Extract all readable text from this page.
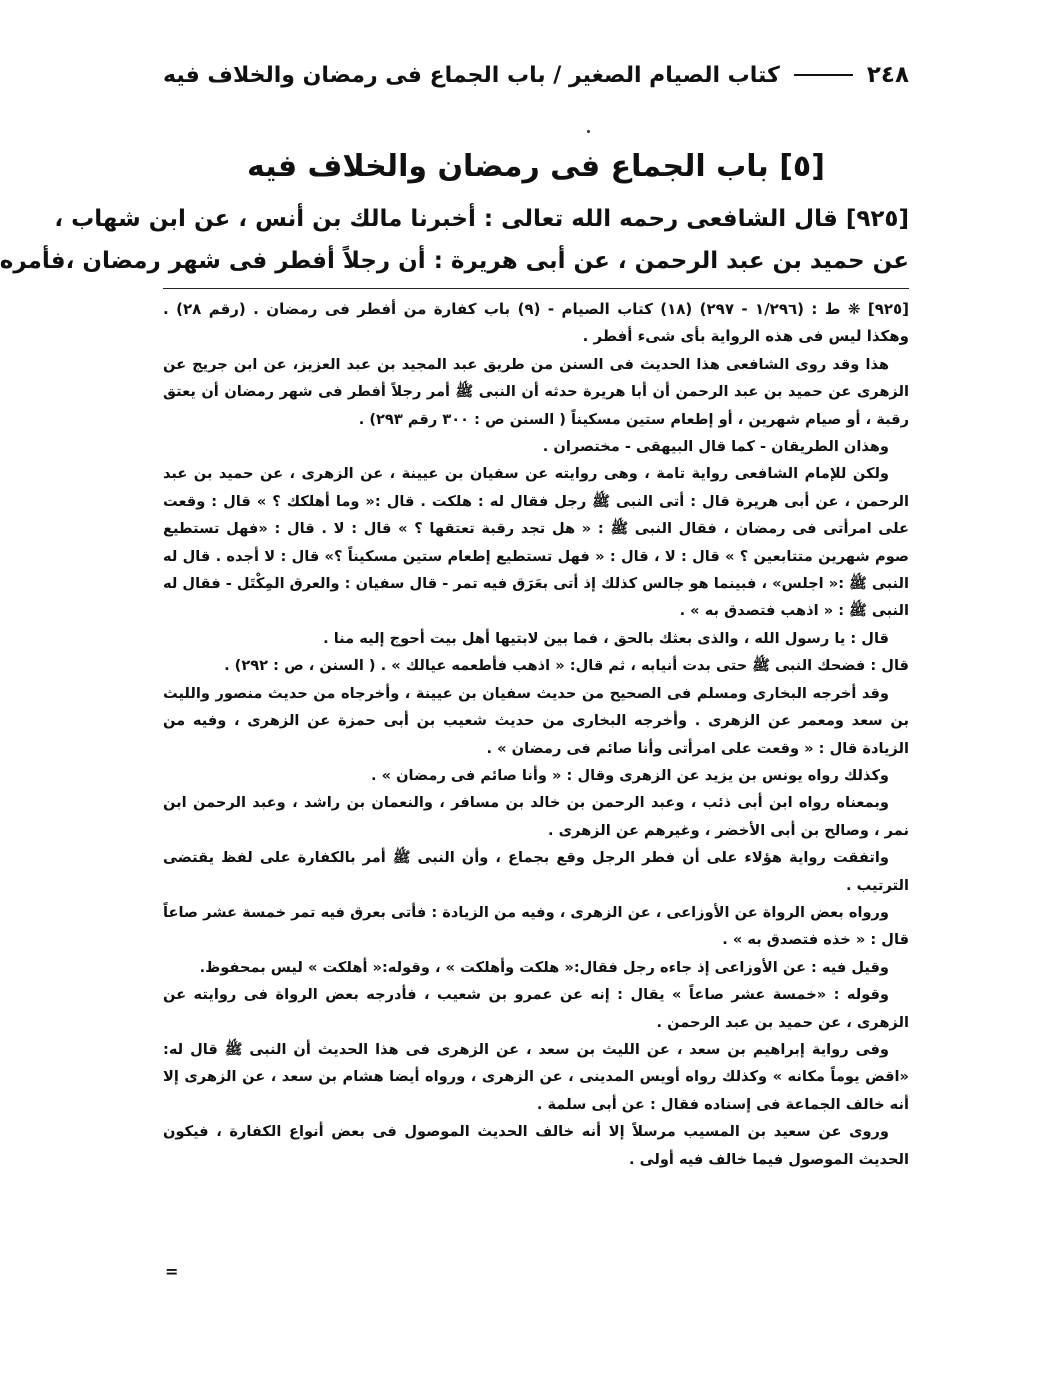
٢٤٨
كتاب الصيام الصغير / باب الجماع فى رمضان والخلاف فيه
[٥] باب الجماع فى رمضان والخلاف فيه
[٩٢٥] قال الشافعى رحمه الله تعالى : أخبرنا مالك بن أنس ، عن ابن شهاب ،
عن حميد بن عبد الرحمن ، عن أبى هريرة : أن رجلاً أفطر فى شهر رمضان ،فأمره

[٩٢٥] ❋ ط : (١/٢٩٦ - ٢٩٧) (١٨) كتاب الصيام - (٩) باب كفارة من أفطر فى رمضان . (رقم ٢٨) . وهكذا ليس فى هذه الرواية بأى شىء أفطر .

هذا وقد روى الشافعى هذا الحديث فى السنن من طريق عبد المجيد بن عبد العزيز، عن ابن جريج عن الزهرى عن حميد بن عبد الرحمن أن أبا هريرة حدثه أن النبى ﷺ أمر رجلاً أفطر فى شهر رمضان أن يعتق رقبة ، أو صيام شهرين ، أو إطعام ستين مسكيناً ( السنن ص : ٣٠٠ رقم ٢٩٣) .

وهذان الطريقان - كما قال البيهقى - مختصران .

ولكن للإمام الشافعى رواية تامة ، وهى روايته عن سفيان بن عيينة ، عن الزهرى ، عن حميد بن عبد الرحمن ، عن أبى هريرة قال : أتى النبى ﷺ رجل فقال له : هلكت . قال :« وما أهلكك ؟ » قال : وقعت على امرأتى فى رمضان ، فقال النبى ﷺ : « هل تجد رقبة تعتقها ؟ » قال : لا . قال : «فهل تستطيع صوم شهرين متتابعين ؟ » قال : لا ، قال : « فهل تستطيع إطعام ستين مسكيناً ؟» قال : لا أجده . قال له النبى ﷺ :« اجلس» ، فبينما هو جالس كذلك إذ أتى بعَرَق فيه تمر - قال سفيان : والعرق المِكْتَل - فقال له النبى ﷺ : « اذهب فتصدق به » .

قال : يا رسول الله ، والذى بعثك بالحق ، فما بين لابتيها أهل بيت أحوج إليه منا .

قال : فضحك النبى ﷺ حتى بدت أنيابه ، ثم قال: « اذهب فأطعمه عيالك » . ( السنن ، ص : ٢٩٢) .

وقد أخرجه البخارى ومسلم فى الصحيح من حديث سفيان بن عيينة ، وأخرجاه من حديث منصور والليث بن سعد ومعمر عن الزهرى . وأخرجه البخارى من حديث شعيب بن أبى حمزة عن الزهرى ، وفيه من الزيادة قال : « وقعت على امرأتى وأنا صائم فى رمضان » .

وكذلك رواه يونس بن يزيد عن الزهرى وقال : « وأنا صائم فى رمضان » .

وبمعناه رواه ابن أبى ذئب ، وعبد الرحمن بن خالد بن مسافر ، والنعمان بن راشد ، وعبد الرحمن ابن نمر ، وصالح بن أبى الأخضر ، وغيرهم عن الزهرى .

واتفقت رواية هؤلاء على أن فطر الرجل وقع بجماع ، وأن النبى ﷺ أمر بالكفارة على لفظ يقتضى الترتيب .

ورواه بعض الرواة عن الأوزاعى ، عن الزهرى ، وفيه من الزيادة : فأتى بعرق فيه تمر خمسة عشر صاعاً قال : « خذه فتصدق به » .

وقيل فيه : عن الأوزاعى إذ جاءه رجل فقال:« هلكت وأهلكت » ، وقوله:« أهلكت » ليس بمحفوظ.

وقوله : «خمسة عشر صاعاً » يقال : إنه عن عمرو بن شعيب ، فأدرجه بعض الرواة فى روايته عن الزهرى ، عن حميد بن عبد الرحمن .

وفى رواية إبراهيم بن سعد ، عن الليث بن سعد ، عن الزهرى فى هذا الحديث أن النبى ﷺ قال له: «اقض يوماً مكانه » وكذلك رواه أويس المدينى ، عن الزهرى ، ورواه أيضا هشام بن سعد ، عن الزهرى إلا أنه خالف الجماعة فى إسناده فقال : عن أبى سلمة .

وروى عن سعيد بن المسيب مرسلاً إلا أنه خالف الحديث الموصول فى بعض أنواع الكفارة ، فيكون الحديث الموصول فيما خالف فيه أولى .

=
